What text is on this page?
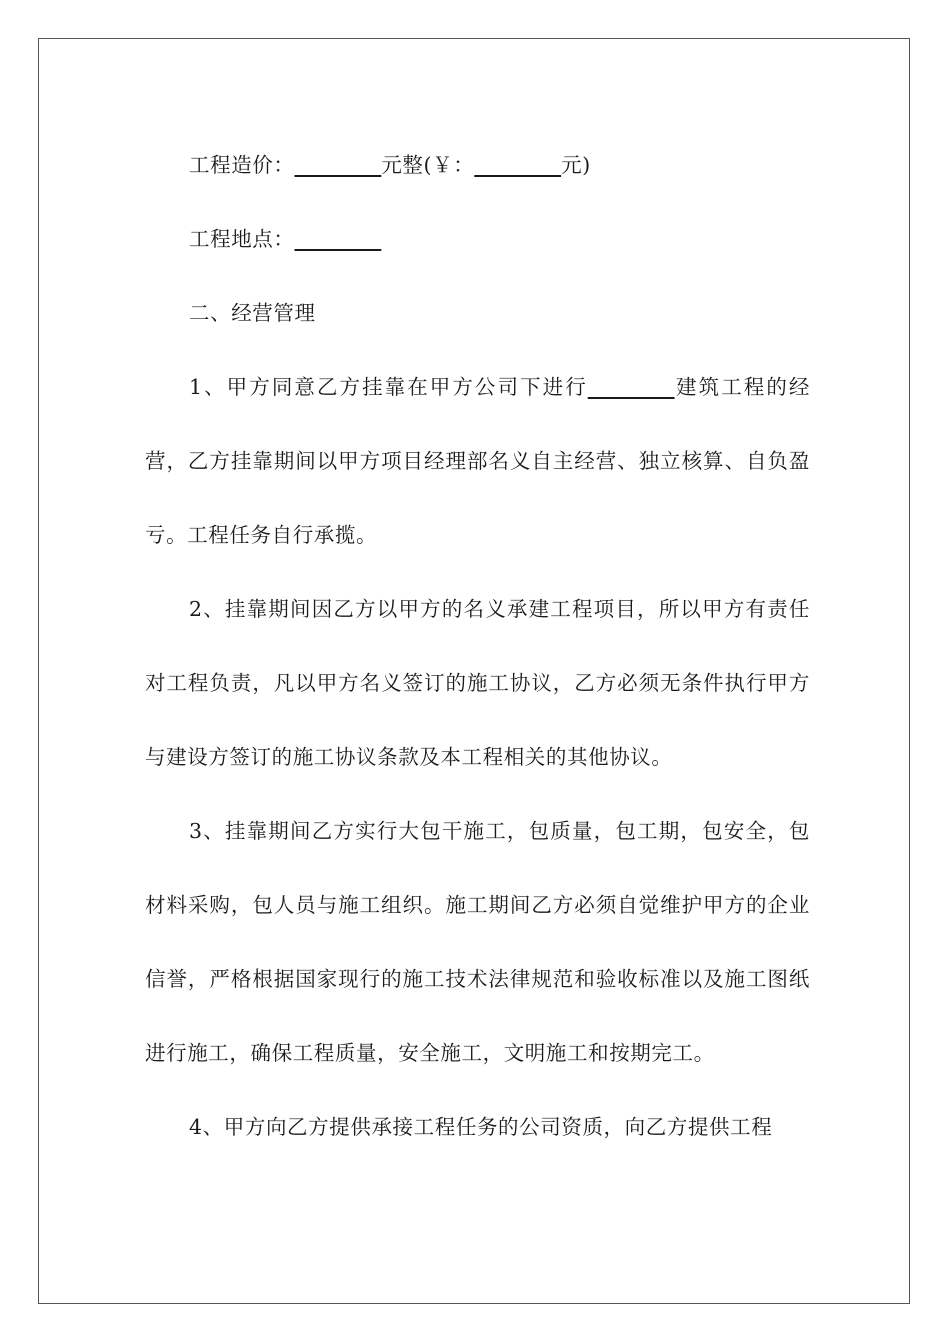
工程造价：________元整(￥：________元)

工程地点：________

二、经营管理

1、甲方同意乙方挂靠在甲方公司下进行________建筑工程的经营，乙方挂靠期间以甲方项目经理部名义自主经营、独立核算、自负盈亏。工程任务自行承揽。

2、挂靠期间因乙方以甲方的名义承建工程项目，所以甲方有责任对工程负责，凡以甲方名义签订的施工协议，乙方必须无条件执行甲方与建设方签订的施工协议条款及本工程相关的其他协议。

3、挂靠期间乙方实行大包干施工，包质量，包工期，包安全，包材料采购，包人员与施工组织。施工期间乙方必须自觉维护甲方的企业信誉，严格根据国家现行的施工技术法律规范和验收标准以及施工图纸进行施工，确保工程质量，安全施工，文明施工和按期完工。

4、甲方向乙方提供承接工程任务的公司资质，向乙方提供工程
